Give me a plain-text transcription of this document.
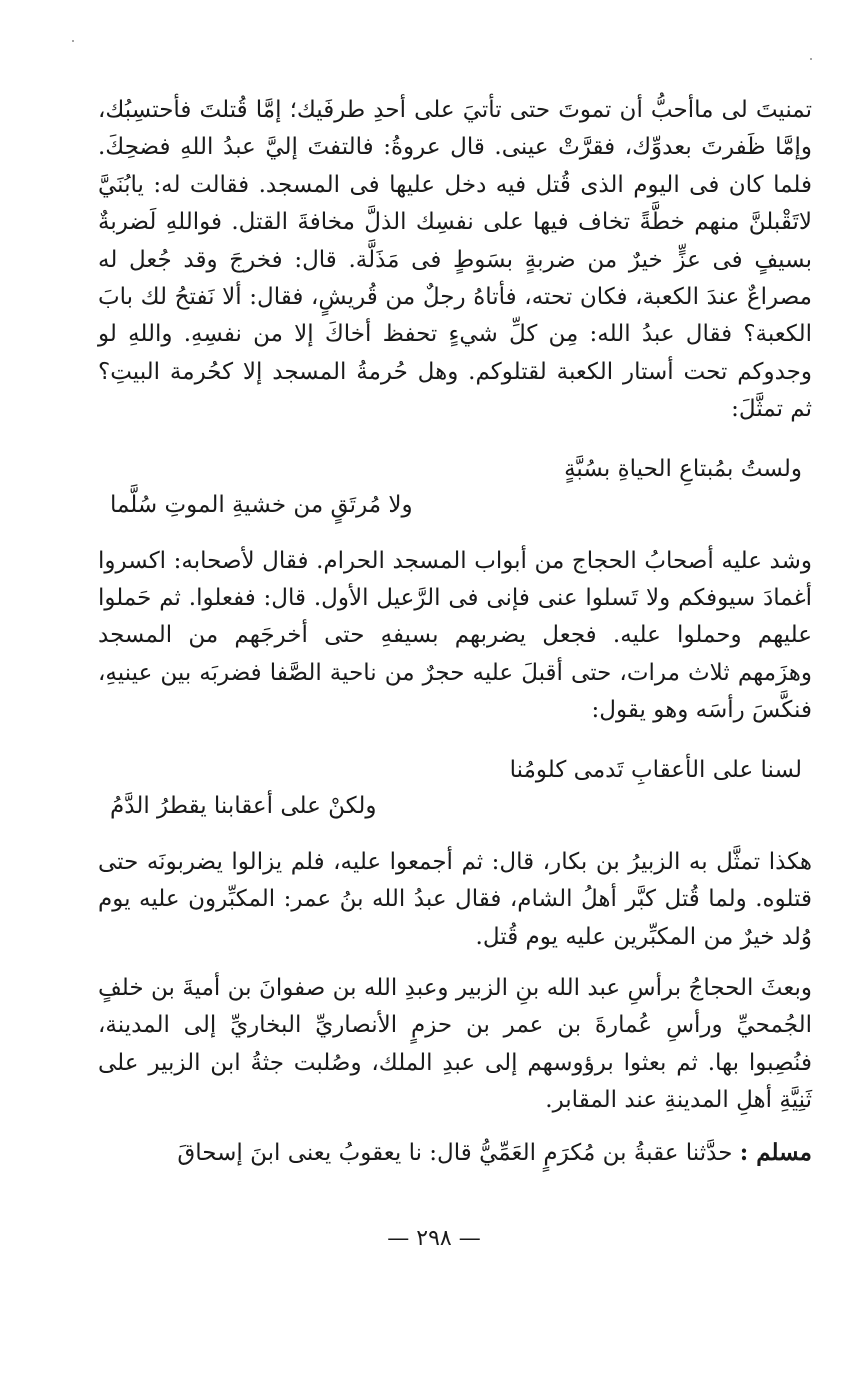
تمنيتَ لى ماأحبُّ أن تموتَ حتى تأتيَ على أحدِ طرفَيك؛ إمَّا قُتلتَ فأحتسِبُك، وإمَّا ظَفرتَ بعدوِّك، فقرَّتْ عينى. قال عروةُ: فالتفتَ إليَّ عبدُ اللهِ فضحِكَ. فلما كان فى اليوم الذى قُتل فيه دخل عليها فى المسجد. فقالت له: يابُنَيَّ لاتَقْبلنَّ منهم خطَّةً تخاف فيها على نفسِك الذلَّ مخافةَ القتل. فواللهِ لَضربةٌ بسيفٍ فى عزٍّ خيرٌ من ضربةٍ بسَوطٍ فى مَذَلَّة. قال: فخرجَ وقد جُعل له مصراعٌ عندَ الكعبة، فكان تحته، فأتاهُ رجلٌ من قُريشٍ، فقال: ألا نَفتحُ لك بابَ الكعبة؟ فقال عبدُ الله: مِن كلِّ شيءٍ تحفظ أخاكَ إلا من نفسِهِ. واللهِ لو وجدوكم تحت أستار الكعبة لقتلوكم. وهل حُرمةُ المسجد إلا كحُرمة البيتِ؟ ثم تمثَّلَ:

ولستُ بمُبتاعِ الحياةِ بسُبَّةٍ
ولا مُرتَقٍ من خشيةِ الموتِ سُلَّما

وشد عليه أصحابُ الحجاج من أبواب المسجد الحرام. فقال لأصحابه: اكسروا أغمادَ سيوفكم ولا تَسلوا عنى فإنى فى الرَّعيل الأول. قال: ففعلوا. ثم حَملوا عليهم وحملوا عليه. فجعل يضربهم بسيفهِ حتى أخرجَهم من المسجد وهزَمهم ثلاث مرات، حتى أقبلَ عليه حجرٌ من ناحية الصَّفا فضربَه بين عينيهِ، فنكَّسَ رأسَه وهو يقول:

لسنا على الأعقابِ تَدمى كلومُنا
ولكنْ على أعقابنا يقطرُ الدَّمُ

هكذا تمثَّل به الزبيرُ بن بكار، قال: ثم أجمعوا عليه، فلم يزالوا يضربونَه حتى قتلوه. ولما قُتل كبَّر أهلُ الشام، فقال عبدُ الله بنُ عمر: المكبِّرون عليه يوم وُلد خيرٌ من المكبِّرين عليه يوم قُتل.

وبعثَ الحجاجُ برأسِ عبد الله بنِ الزبير وعبدِ الله بن صفوانَ بن أميةَ بن خلفٍ الجُمحيِّ ورأسِ عُمارةَ بن عمر بن حزمٍ الأنصاريِّ البخاريِّ إلى المدينة، فنُصِبوا بها. ثم بعثوا برؤوسهم إلى عبدِ الملك، وصُلبت جثةُ ابن الزبير على ثَنِيَّةِ أهلِ المدينةِ عند المقابر.

مسلم : حدَّثنا عقبةُ بن مُكرَمٍ العَمِّيُّ قال: نا يعقوبُ يعنى ابنَ إسحاقَ

— ٢٩٨ —
